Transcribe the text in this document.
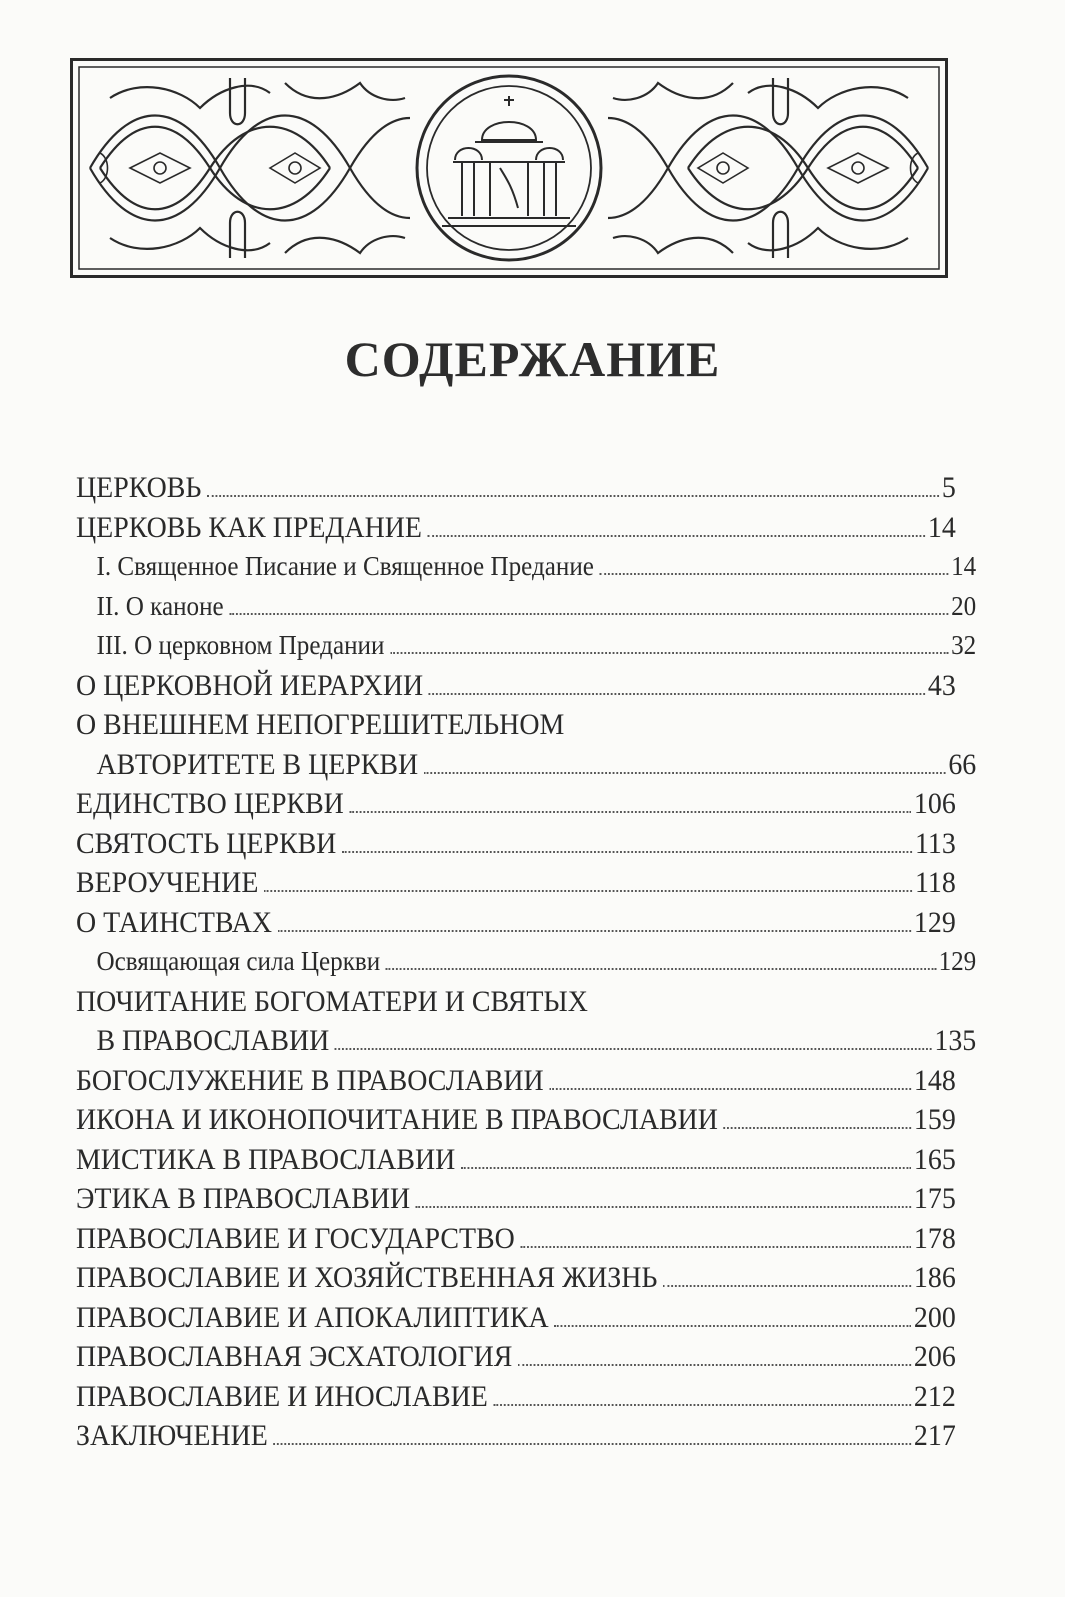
СОДЕРЖАНИЕ
ЦЕРКОВЬ	5
ЦЕРКОВЬ КАК ПРЕДАНИЕ	14
I. Священное Писание и Священное Предание	14
II. О каноне	20
III. О церковном Предании	32
О ЦЕРКОВНОЙ ИЕРАРХИИ	43
О ВНЕШНЕМ НЕПОГРЕШИТЕЛЬНОМ
АВТОРИТЕТЕ В ЦЕРКВИ	66
ЕДИНСТВО ЦЕРКВИ	106
СВЯТОСТЬ ЦЕРКВИ	113
ВЕРОУЧЕНИЕ	118
О ТАИНСТВАХ	129
Освящающая сила Церкви	129
ПОЧИТАНИЕ БОГОМАТЕРИ И СВЯТЫХ
В ПРАВОСЛАВИИ	135
БОГОСЛУЖЕНИЕ В ПРАВОСЛАВИИ	148
ИКОНА И ИКОНОПОЧИТАНИЕ В ПРАВОСЛАВИИ	159
МИСТИКА В ПРАВОСЛАВИИ	165
ЭТИКА В ПРАВОСЛАВИИ	175
ПРАВОСЛАВИЕ И ГОСУДАРСТВО	178
ПРАВОСЛАВИЕ И ХОЗЯЙСТВЕННАЯ ЖИЗНЬ	186
ПРАВОСЛАВИЕ И АПОКАЛИПТИКА	200
ПРАВОСЛАВНАЯ ЭСХАТОЛОГИЯ	206
ПРАВОСЛАВИЕ И ИНОСЛАВИЕ	212
ЗАКЛЮЧЕНИЕ	217
